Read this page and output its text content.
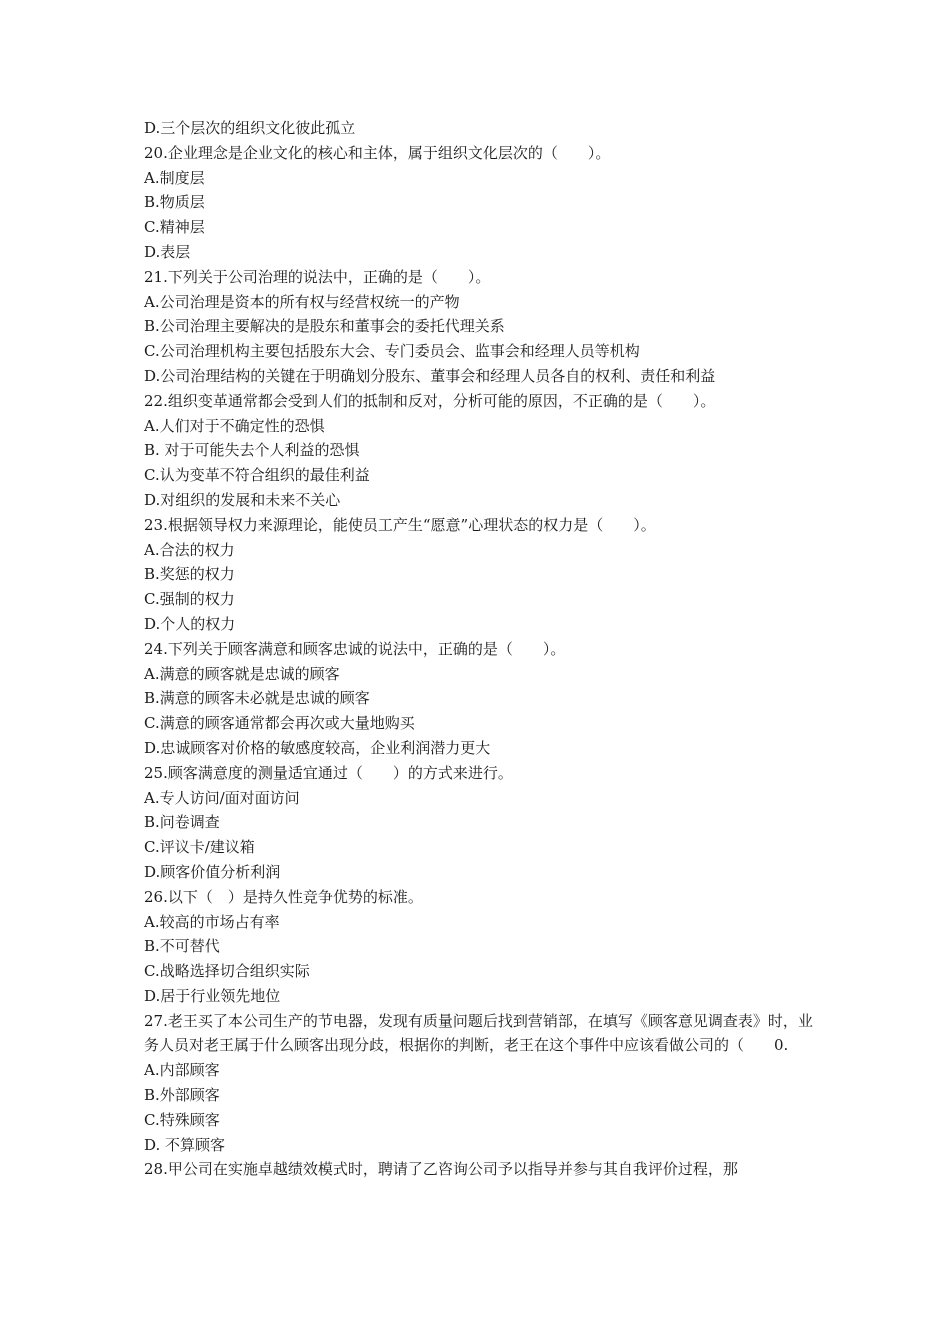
D.三个层次的组织文化彼此孤立

20.企业理念是企业文化的核心和主体，属于组织文化层次的（　　）。

A.制度层

B.物质层

C.精神层

D.表层

21.下列关于公司治理的说法中，正确的是（　　）。

A.公司治理是资本的所有权与经营权统一的产物

B.公司治理主要解决的是股东和董事会的委托代理关系

C.公司治理机构主要包括股东大会、专门委员会、监事会和经理人员等机构

D.公司治理结构的关键在于明确划分股东、董事会和经理人员各自的权利、责任和利益

22.组织变革通常都会受到人们的抵制和反对，分析可能的原因，不正确的是（　　）。

A.人们对于不确定性的恐惧

B. 对于可能失去个人利益的恐惧

C.认为变革不符合组织的最佳利益

D.对组织的发展和未来不关心

23.根据领导权力来源理论，能使员工产生“愿意”心理状态的权力是（　　）。

A.合法的权力

B.奖惩的权力

C.强制的权力

D.个人的权力

24.下列关于顾客满意和顾客忠诚的说法中，正确的是（　　）。

A.满意的顾客就是忠诚的顾客

B.满意的顾客未必就是忠诚的顾客

C.满意的顾客通常都会再次或大量地购买

D.忠诚顾客对价格的敏感度较高，企业利润潜力更大

25.顾客满意度的测量适宜通过（　　）的方式来进行。

A.专人访问/面对面访问

B.问卷调查

C.评议卡/建议箱

D.顾客价值分析利润

26.以下（　）是持久性竞争优势的标准。

A.较高的市场占有率

B.不可替代

C.战略选择切合组织实际

D.居于行业领先地位

27.老王买了本公司生产的节电器，发现有质量问题后找到营销部，在填写《顾客意见调查表》时，业务人员对老王属于什么顾客出现分歧，根据你的判断，老王在这个事件中应该看做公司的（　　0.

A.内部顾客

B.外部顾客

C.特殊顾客

D. 不算顾客

28.甲公司在实施卓越绩效模式时，聘请了乙咨询公司予以指导并参与其自我评价过程，那
